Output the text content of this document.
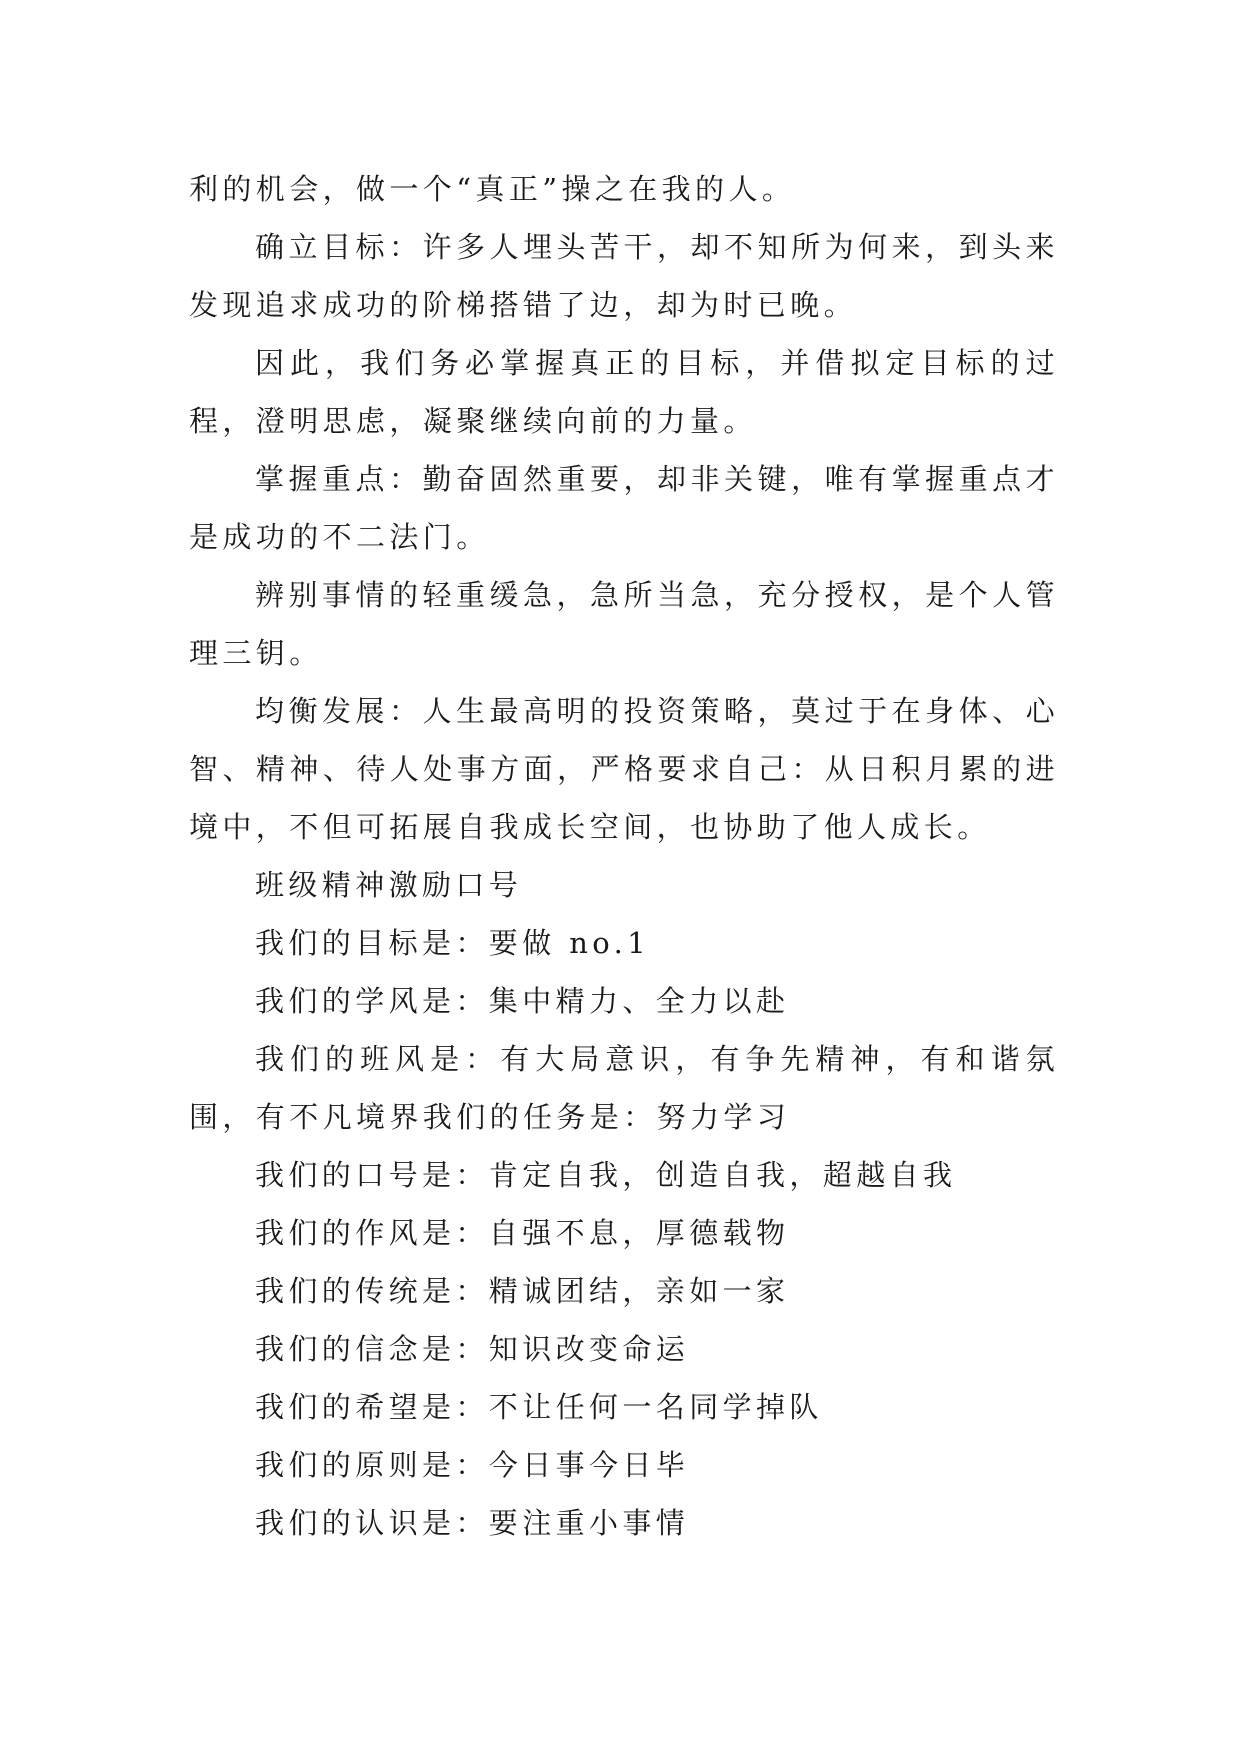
利的机会，做一个“真正”操之在我的人。

确立目标：许多人埋头苦干，却不知所为何来，到头来发现追求成功的阶梯搭错了边，却为时已晚。

因此，我们务必掌握真正的目标，并借拟定目标的过程，澄明思虑，凝聚继续向前的力量。

掌握重点：勤奋固然重要，却非关键，唯有掌握重点才是成功的不二法门。

辨别事情的轻重缓急，急所当急，充分授权，是个人管理三钥。

均衡发展：人生最高明的投资策略，莫过于在身体、心智、精神、待人处事方面，严格要求自己：从日积月累的进境中，不但可拓展自我成长空间，也协助了他人成长。

班级精神激励口号

我们的目标是：要做 no.1

我们的学风是：集中精力、全力以赴

我们的班风是：有大局意识，有争先精神，有和谐氛围，有不凡境界我们的任务是：努力学习

我们的口号是：肯定自我，创造自我，超越自我

我们的作风是：自强不息，厚德载物

我们的传统是：精诚团结，亲如一家

我们的信念是：知识改变命运

我们的希望是：不让任何一名同学掉队

我们的原则是：今日事今日毕

我们的认识是：要注重小事情
